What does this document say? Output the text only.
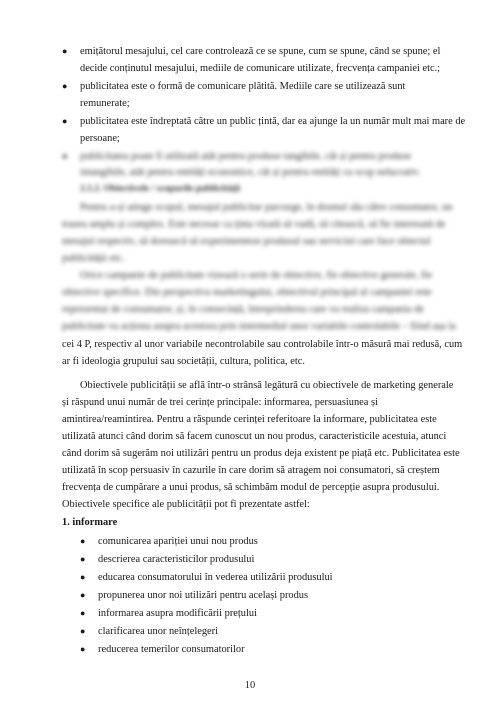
● emițătorul mesajului, cel care controlează ce se spune, cum se spune, când se spune; el
decide conținutul mesajului, mediile de comunicare utilizate, frecvența campaniei etc.;
● publicitatea este o formă de comunicare plătită. Mediile care se utilizează sunt
remunerate;
● publicitatea este îndreptată către un public țintă, dar ea ajunge la un număr mult mai mare de
persoane;
● publicitatea poate fi utilizată atât pentru produse tangibile, cât și pentru produse
intangibile, atât pentru entități economice, cât și pentru entități cu scop nelucrativ.
2.1.2. Obiectivele / scopurile publicității
Pentru a-și atinge scopul, mesajul publicitar parcurge, în drumul său către consumator, un
traseu amplu și complex. Este necesar ca ținta vizată să vadă, să citească, să fie interesată de
mesajul respectiv, să dorească să experimenteze produsul sau serviciul care face obiectul
publicității etc.
Orice campanie de publicitate vizează o serie de obiective, fie obiective generale, fie
obiective specifice. Din perspectiva marketingului, obiectivul principal al campaniei este
reprezentat de consumator, și, în consecință, întreprinderea care va realiza campania de
publicitate va acționa asupra acestora prin intermediul unor variabile controlabile – fiind așa la
cei 4 P, respectiv al unor variabile necontrolabile sau controlabile într-o măsură mai redusă, cum
ar fi ideologia grupului sau societății, cultura, politica, etc.
Obiectivele publicității se află într-o strânsă legătură cu obiectivele de marketing generale
și răspund unui număr de trei cerințe principale: informarea, persuasiunea și
amintirea/reamintirea. Pentru a răspunde cerinței referitoare la informare, publicitatea este
utilizată atunci când dorim să facem cunoscut un nou produs, caracteristicile acestuia, atunci
când dorim să sugerăm noi utilizări pentru un produs deja existent pe piață etc. Publicitatea este
utilizată în scop persuasiv în cazurile în care dorim să atragem noi consumatori, să creștem
frecvența de cumpărare a unui produs, să schimbăm modul de percepție asupra produsului.
Obiectivele specifice ale publicității pot fi prezentate astfel:
1. informare
● comunicarea apariției unui nou produs
● descrierea caracteristicilor produsului
● educarea consumatorului în vederea utilizării produsului
● propunerea unor noi utilizări pentru același produs
● informarea asupra modificării prețului
● clarificarea unor neînțelegeri
● reducerea temerilor consumatorilor
10
